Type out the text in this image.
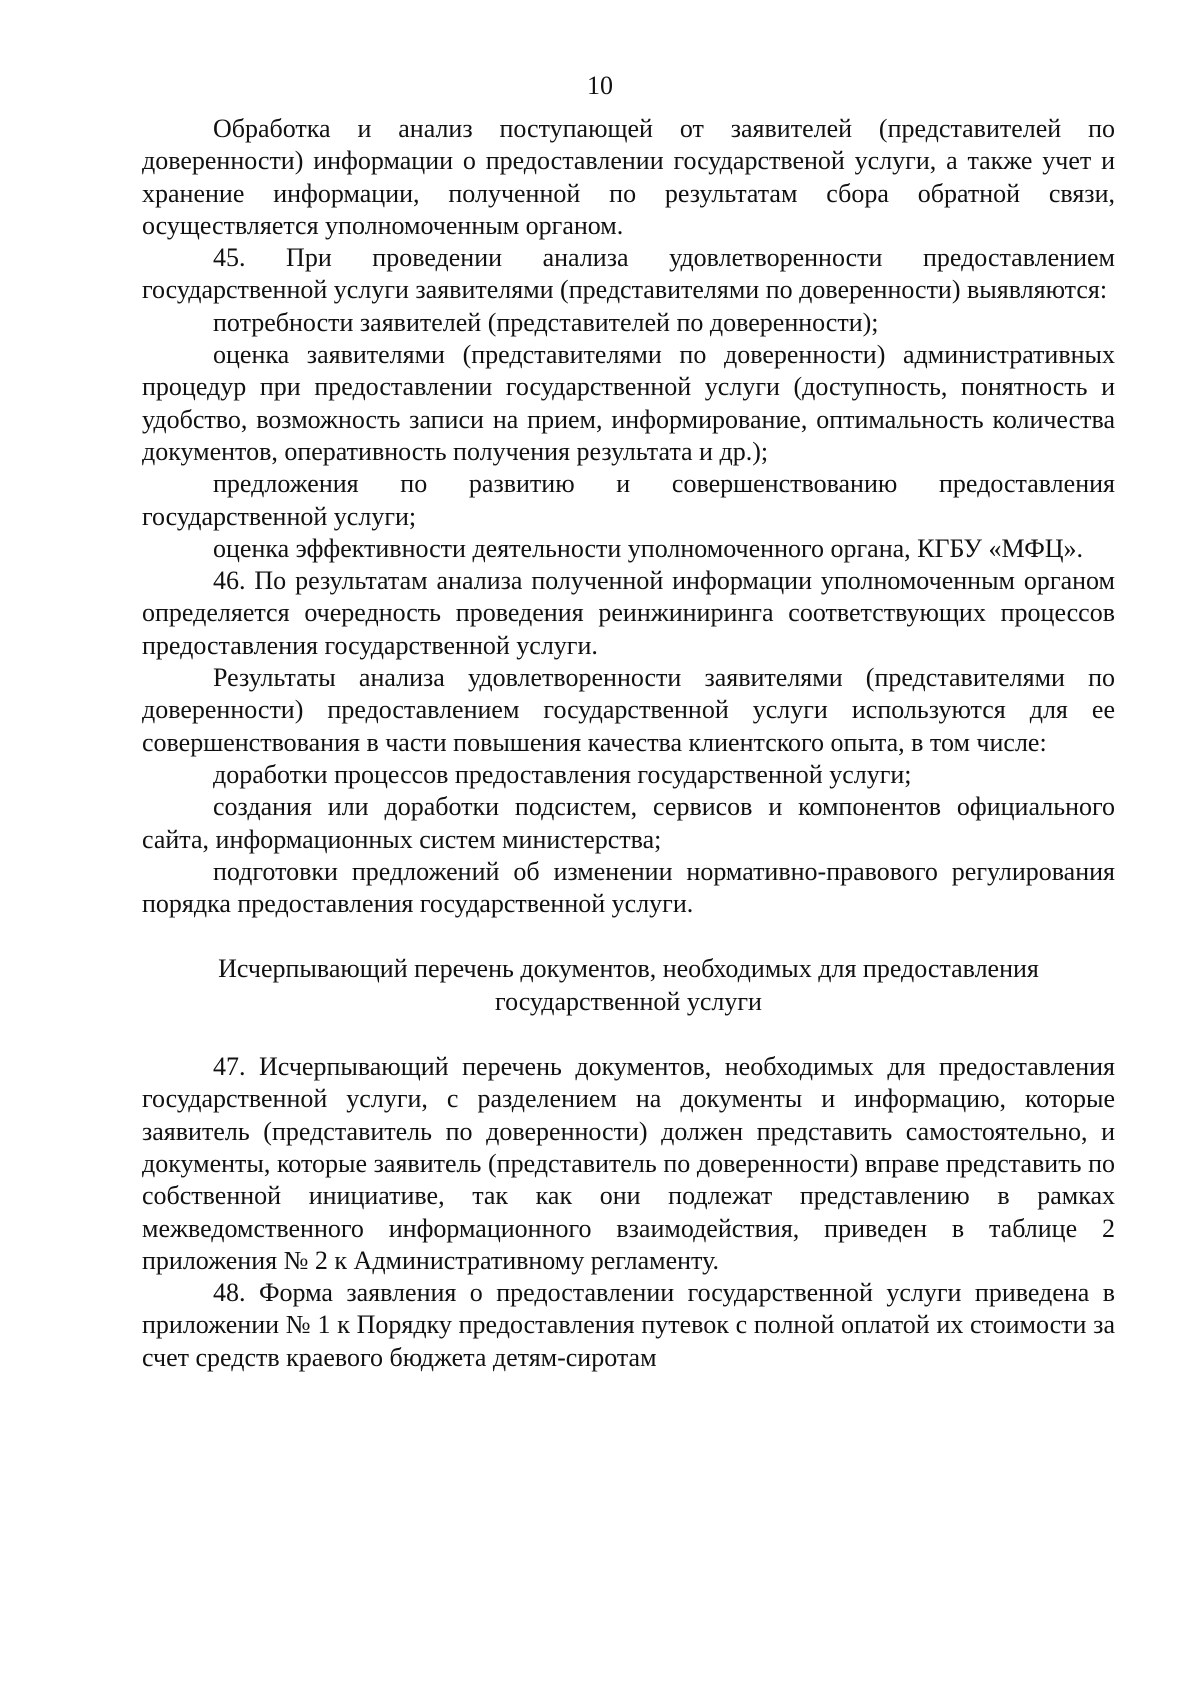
10

Обработка и анализ поступающей от заявителей (представителей по доверенности) информации о предоставлении государственой услуги, а также учет и хранение информации, полученной по результатам сбора обратной связи, осуществляется уполномоченным органом.

45. При проведении анализа удовлетворенности предоставлением государственной услуги заявителями (представителями по доверенности) выявляются:

потребности заявителей (представителей по доверенности);

оценка заявителями (представителями по доверенности) административных процедур при предоставлении государственной услуги (доступность, понятность и удобство, возможность записи на прием, информирование, оптимальность количества документов, оперативность получения результата и др.);

предложения по развитию и совершенствованию предоставления государственной услуги;

оценка эффективности деятельности уполномоченного органа, КГБУ «МФЦ».

46. По результатам анализа полученной информации уполномоченным органом определяется очередность проведения реинжиниринга соответствующих процессов предоставления государственной услуги.

Результаты анализа удовлетворенности заявителями (представителями по доверенности) предоставлением государственной услуги используются для ее совершенствования в части повышения качества клиентского опыта, в том числе:

доработки процессов предоставления государственной услуги;

создания или доработки подсистем, сервисов и компонентов официального сайта, информационных систем министерства;

подготовки предложений об изменении нормативно-правового регулирования порядка предоставления государственной услуги.

Исчерпывающий перечень документов, необходимых для предоставления государственной услуги

47. Исчерпывающий перечень документов, необходимых для предоставления государственной услуги, с разделением на документы и информацию, которые заявитель (представитель по доверенности) должен представить самостоятельно, и документы, которые заявитель (представитель по доверенности) вправе представить по собственной инициативе, так как они подлежат представлению в рамках межведомственного информационного взаимодействия, приведен в таблице 2 приложения № 2 к Административному регламенту.

48. Форма заявления о предоставлении государственной услуги приведена в приложении № 1 к Порядку предоставления путевок с полной оплатой их стоимости за счет средств краевого бюджета детям-сиротам
